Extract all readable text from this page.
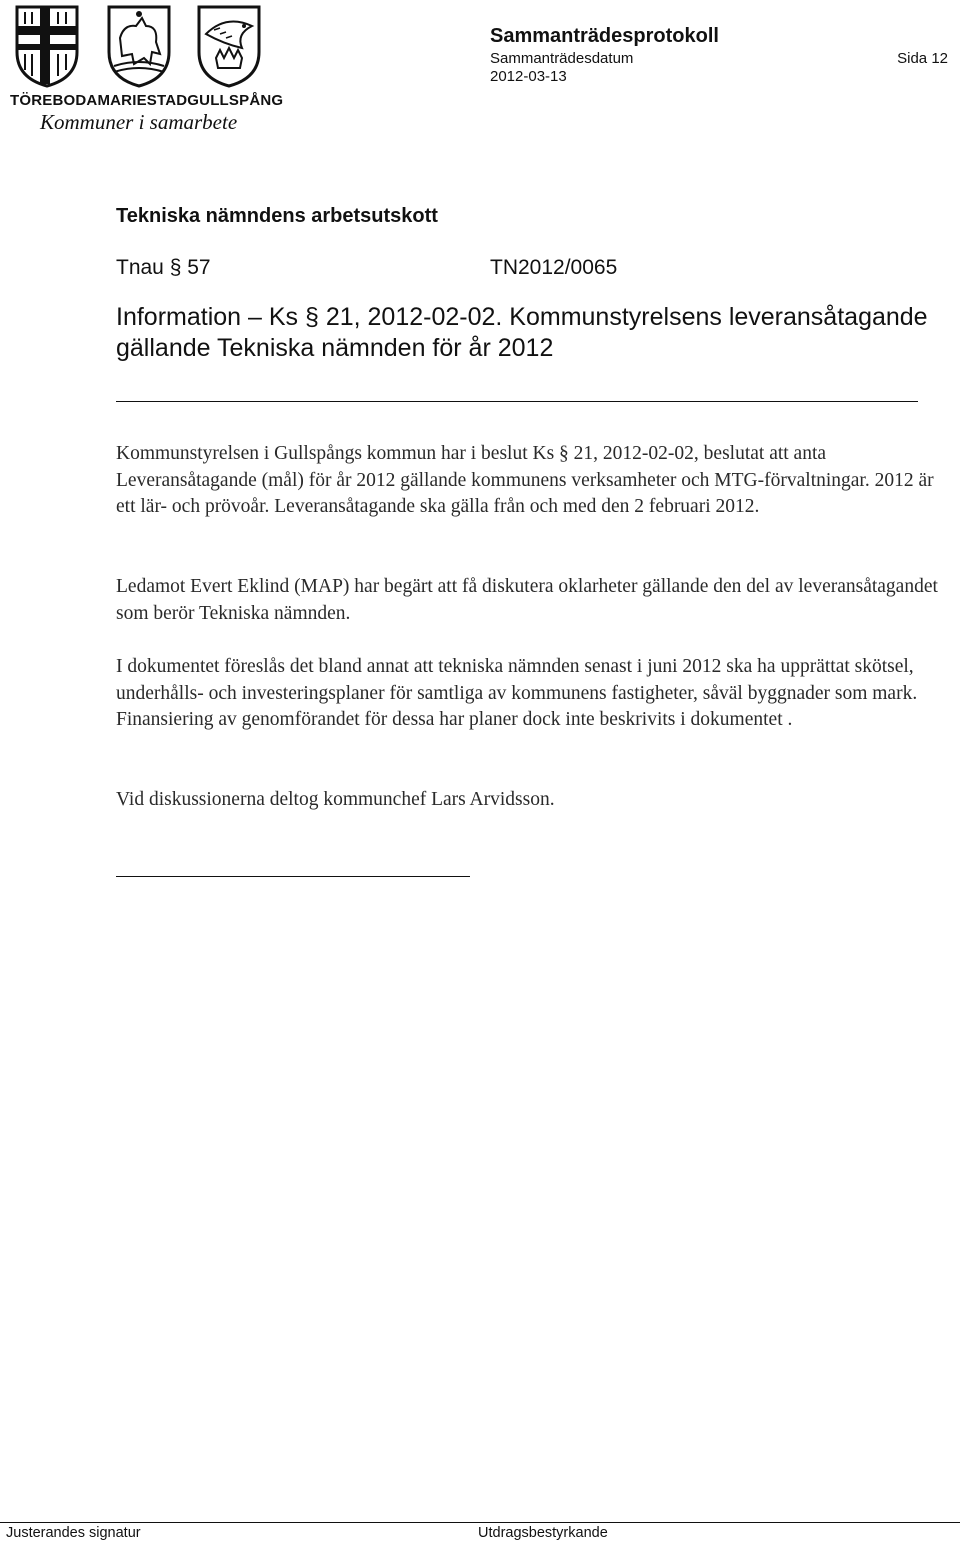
TÖREBODA MARIESTAD GULLSPÅNG
Kommuner i samarbete
Sammanträdesprotokoll
Sammanträdesdatum
2012-03-13
Sida 12
Tekniska nämndens arbetsutskott
Tnau § 57	TN2012/0065
Information – Ks § 21, 2012-02-02. Kommunstyrelsens leveransåtagande gällande Tekniska nämnden för år 2012

Kommunstyrelsen i Gullspångs kommun har i beslut Ks § 21, 2012-02-02, beslutat att anta Leveransåtagande (mål) för år 2012 gällande kommunens verksamheter och MTG-förvaltningar. 2012 är ett lär- och prövoår. Leveransåtagande ska gälla från och med den 2 februari 2012.

Ledamot Evert Eklind (MAP) har begärt att få diskutera oklarheter gällande den del av leveransåtagandet som berör Tekniska nämnden.

I dokumentet föreslås det bland annat att tekniska nämnden senast i juni 2012 ska ha upprättat skötsel, underhålls- och investeringsplaner för samtliga av kommunens fastigheter, såväl byggnader som mark. Finansiering av genomförandet för dessa har planer dock inte beskrivits i dokumentet .

Vid diskussionerna deltog kommunchef Lars Arvidsson.

Justerandes signatur	Utdragsbestyrkande
